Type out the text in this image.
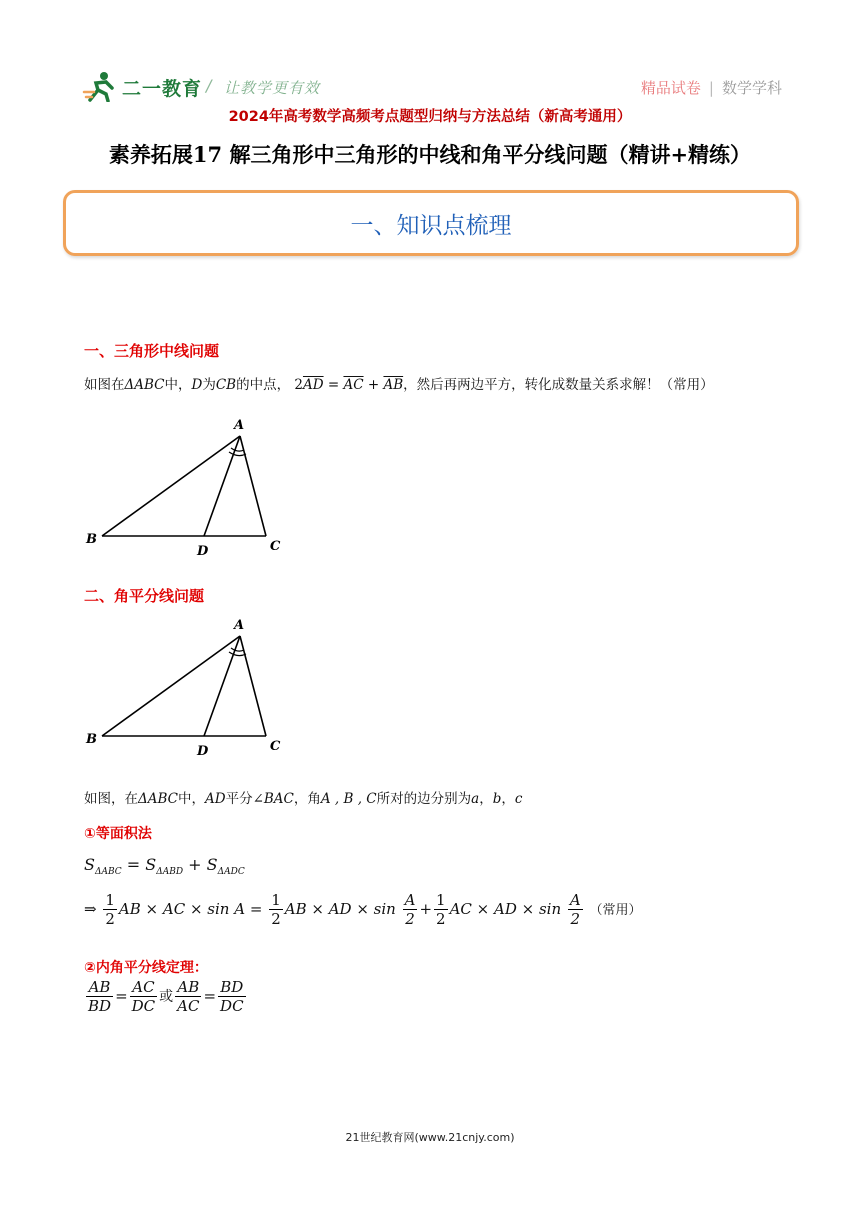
二一教育 / 让教学更有效	精品试卷 | 数学学科
2024年高考数学高频考点题型归纳与方法总结（新高考通用）
素养拓展17 解三角形中三角形的中线和角平分线问题（精讲+精练）
一、知识点梳理
一、三角形中线问题
如图在ΔABC中，D为CB的中点， $2\overline{AD} = \overline{AC} + \overline{AB}$，然后再两边平方，转化成数量关系求解！（常用）
A
B	C
D
二、角平分线问题
A
B	C
D
如图，在ΔABC中，AD平分∠BAC，角A , B , C所对的边分别为a，b，c
①等面积法
$S_{\Delta ABC} = S_{\Delta ABD} + S_{\Delta ADC}$
⇒ $\frac{1}{2}$ AB × AC × $\sin A = \frac{1}{2}$ AB × AD × $\sin \frac{A}{2} + \frac{1}{2}$ AC × AD × $\sin \frac{A}{2}$ （常用）
②内角平分线定理：
$\frac{AB}{BD} = \frac{AC}{DC}$ 或 $\frac{AB}{AC} = \frac{BD}{DC}$
21世纪教育网(www.21cnjy.com)
